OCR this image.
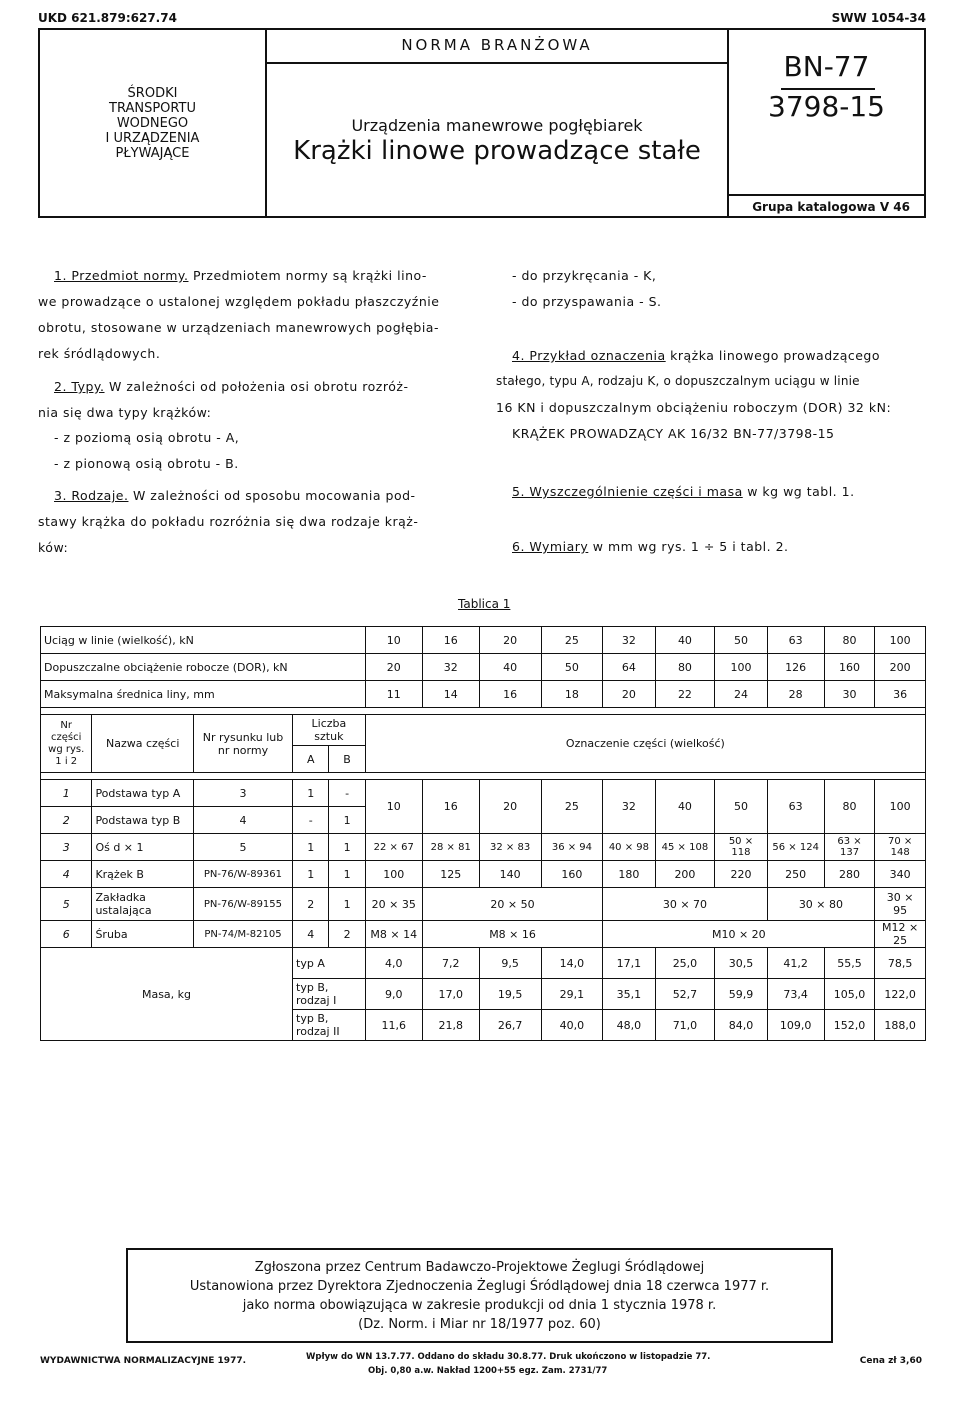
UKD 621.879:627.74	SWW 1054-34
ŚRODKI
TRANSPORTU
WODNEGO
I URZĄDZENIA
PŁYWAJĄCE
NORMA BRANŻOWA
Urządzenia manewrowe pogłębiarek
Krążki linowe prowadzące stałe
BN-77
3798-15
Grupa katalogowa V 46
1. Przedmiot normy. Przedmiotem normy są krążki lino-
we prowadzące o ustalonej względem pokładu płaszczyźnie
obrotu, stosowane w urządzeniach manewrowych pogłębia-
rek śródlądowych.
2. Typy. W zależności od położenia osi obrotu rozróż-
nia się dwa typy krążków:
- z poziomą osią obrotu - A,
- z pionową osią obrotu - B.
3. Rodzaje. W zależności od sposobu mocowania pod-
stawy krążka do pokładu rozróżnia się dwa rodzaje krąż-
ków:
- do przykręcania - K,
- do przyspawania - S.
4. Przykład oznaczenia krążka linowego prowadzącego
stałego, typu A, rodzaju K, o dopuszczalnym uciągu w linie
16 KN i dopuszczalnym obciążeniu roboczym (DOR) 32 kN:
KRĄŻEK PROWADZĄCY AK 16/32 BN-77/3798-15
5. Wyszczególnienie części i masa w kg wg tabl. 1.
6. Wymiary w mm wg rys. 1 ÷ 5 i tabl. 2.
Tablica 1
Uciąg w linie (wielkość), kN					10	16	20	25	32	40	50	63	80	100
Dopuszczalne obciążenie robocze (DOR), kN					20	32	40	50	64	80	100	126	160	200
Maksymalna średnica liny, mm					11	14	16	18	20	22	24	28	30	36

Nr części wg rys. 1 i 2	Nazwa części	Nr rysunku lub nr normy	Liczba sztuk		Oznaczenie części (wielkość)									
			A	B										

1	Podstawa typ A	3	1	-	10	16	20	25	32	40	50	63	80	100
2	Podstawa typ B	4	-	1										
3	Oś d × 1	5	1	1	22 × 67	28 × 81	32 × 83	36 × 94	40 × 98	45 × 108	50 × 118	56 × 124	63 × 137	70 × 148
4	Krążek B	PN-76/W-89361	1	1	100	125	140	160	180	200	220	250	280	340
5	Zakładka ustalająca	PN-76/W-89155	2	1	20 × 35	20 × 50			30 × 70			30 × 80		30 × 95
6	Śruba	PN-74/M-82105	4	2	M8 × 14	M8 × 16			M10 × 20					M12 × 25
Masa, kg			typ A		4,0	7,2	9,5	14,0	17,1	25,0	30,5	41,2	55,5	78,5
			typ B, rodzaj I		9,0	17,0	19,5	29,1	35,1	52,7	59,9	73,4	105,0	122,0
			typ B, rodzaj II		11,6	21,8	26,7	40,0	48,0	71,0	84,0	109,0	152,0	188,0
Zgłoszona przez Centrum Badawczo-Projektowe Żeglugi Śródlądowej
Ustanowiona przez Dyrektora Zjednoczenia Żeglugi Śródlądowej dnia 18 czerwca 1977 r.
jako norma obowiązująca w zakresie produkcji od dnia 1 stycznia 1978 r.
(Dz. Norm. i Miar nr 18/1977 poz. 60)
WYDAWNICTWA NORMALIZACYJNE 1977.	Wpływ do WN 13.7.77. Oddano do składu 30.8.77. Druk ukończono w listopadzie 77.
Obj. 0,80 a.w. Nakład 1200+55 egz. Zam. 2731/77
Cena zł 3,60
